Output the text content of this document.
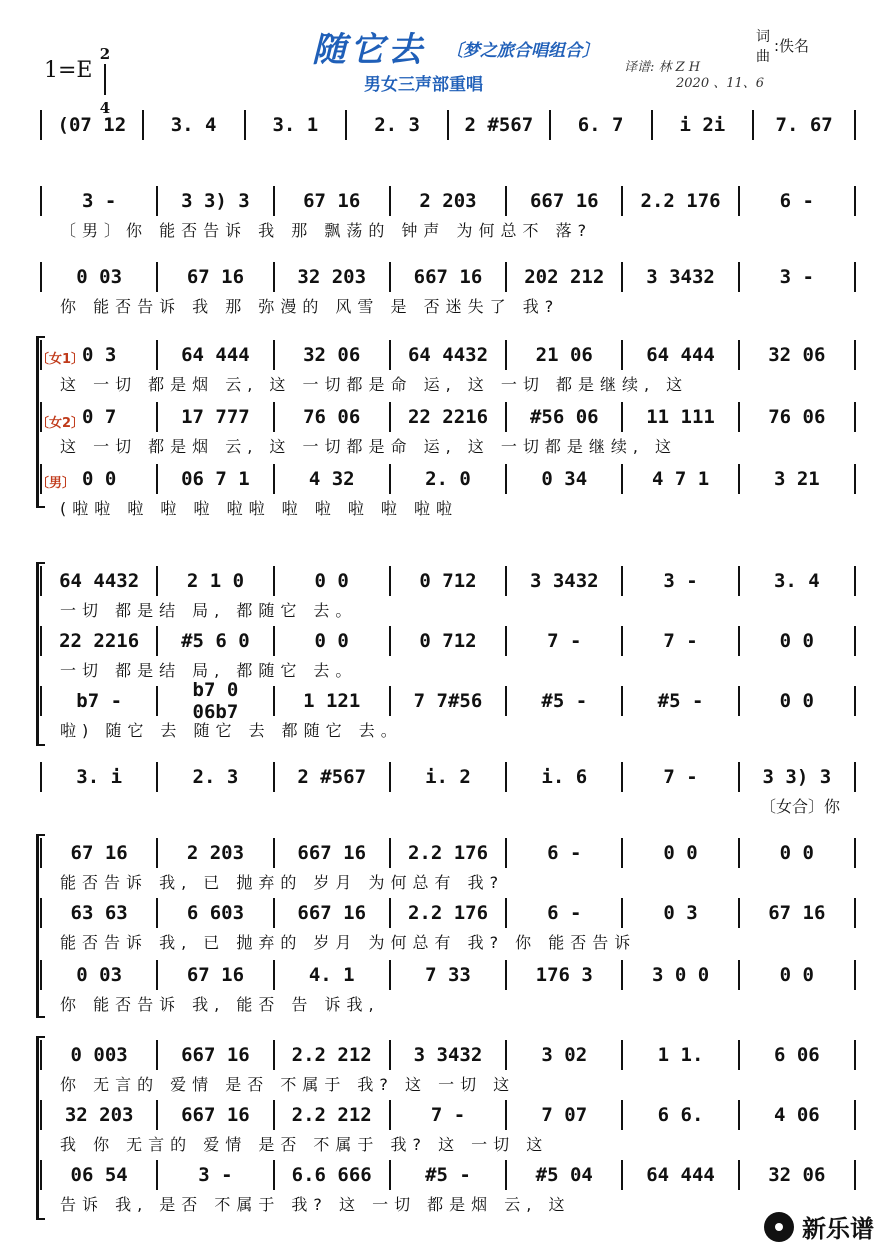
随它去 〔梦之旅合唱组合〕
男女三声部重唱
1=E
2
4
词
曲
:佚名
译谱: 林 Z H
2020 、11、6
(07 12	3. 4	3. 1	2. 3	2 #567	6. 7	i 2i	7. 67
3 -	3 3) 3	67 16	2 203	667 16	2.2 176	6 -
〔男〕你 能否告诉 我 那 飘荡的 钟声 为何总不 落?
0 03	67 16	32 203	667 16	202 212	3 3432	3 -
你 能否告诉 我 那 弥漫的 风雪 是 否迷失了 我?
0 3	64 444	32 06	64 4432	21 06	64 444	32 06
这 一切 都是烟 云, 这 一切都是命 运, 这 一切 都是继续, 这
0 7	17 777	76 06	22 2216	#56 06	11 111	76 06
这 一切 都是烟 云, 这 一切都是命 运, 这 一切都是继续, 这
0 0	06 7 1	4 32	2. 0	0 34	4 7 1	3 21
(啦啦 啦 啦 啦 啦啦 啦 啦 啦 啦 啦啦
64 4432	2 1 0	0 0	0 712	3 3432	3 -	3. 4
一切 都是结 局, 都随它 去。
22 2216	#5 6 0	0 0	0 712	7 -	7 -	0 0
一切 都是结 局, 都随它 去。
b7 -	b7 0 06b7	1 121	7 7#56	#5 -	#5 -	0 0
啦) 随它 去 随它 去 都随它 去。
3. i	2. 3	2 #567	i. 2	i. 6	7 -	3 3) 3
〔女合〕你
67 16	2 203	667 16	2.2 176	6 -	0 0	0 0
能否告诉 我, 已 抛弃的 岁月 为何总有 我?
63 63	6 603	667 16	2.2 176	6 -	0 3	67 16
能否告诉 我, 已 抛弃的 岁月 为何总有 我? 你 能否告诉
0 03	67 16	4. 1	7 33	176 3	3 0 0	0 0
你 能否告诉 我, 能否 告 诉我,
0 003	667 16	2.2 212	3 3432	3 02	1 1.	6 06
你 无言的 爱情 是否 不属于 我? 这 一切 这
32 203	667 16	2.2 212	7 -	7 07	6 6.	4 06
我 你 无言的 爱情 是否 不属于 我? 这 一切 这
06 54	3 -	6.6 666	#5 -	#5 04	64 444	32 06
告诉 我, 是否 不属于 我? 这 一切 都是烟 云, 这
〔女1〕
〔女2〕
〔男〕
新乐谱
